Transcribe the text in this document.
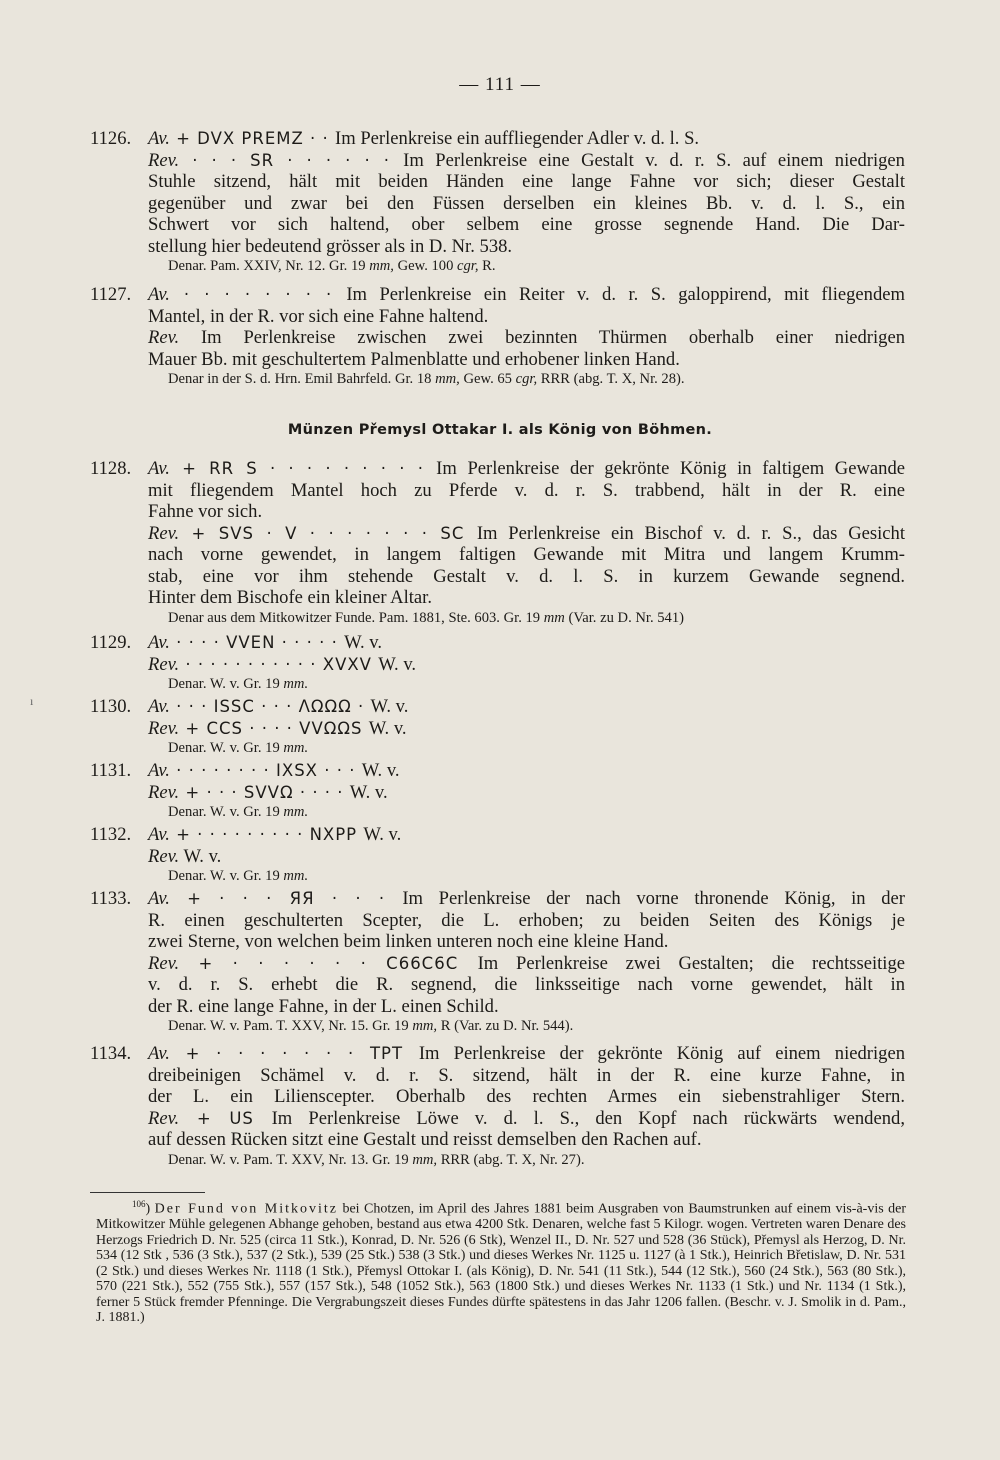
— 111 —
1126. Av. + DVX PREMZ · · Im Perlenkreise ein auffliegender Adler v. d. l. S.
Rev. · · · SR · · · · · · Im Perlenkreise eine Gestalt v. d. r. S. auf einem niedrigen
Stuhle sitzend, hält mit beiden Händen eine lange Fahne vor sich; dieser Gestalt
gegenüber und zwar bei den Füssen derselben ein kleines Bb. v. d. l. S., ein
Schwert vor sich haltend, ober selbem eine grosse segnende Hand. Die Dar-
stellung hier bedeutend grösser als in D. Nr. 538.
Denar. Pam. XXIV, Nr. 12. Gr. 19 mm, Gew. 100 cgr, R.
1127. Av. · · · · · · · · Im Perlenkreise ein Reiter v. d. r. S. galoppirend, mit fliegendem
Mantel, in der R. vor sich eine Fahne haltend.
Rev. Im Perlenkreise zwischen zwei bezinnten Thürmen oberhalb einer niedrigen
Mauer Bb. mit geschultertem Palmenblatte und erhobener linken Hand.
Denar in der S. d. Hrn. Emil Bahrfeld. Gr. 18 mm, Gew. 65 cgr, RRR (abg. T. X, Nr. 28).
1128. Av. + RR S · · · · · · · · · Im Perlenkreise der gekrönte König in faltigem Gewande
mit fliegendem Mantel hoch zu Pferde v. d. r. S. trabbend, hält in der R. eine
Fahne vor sich.
Rev. + SVS · V · · · · · · · SC Im Perlenkreise ein Bischof v. d. r. S., das Gesicht
nach vorne gewendet, in langem faltigen Gewande mit Mitra und langem Krumm-
stab, eine vor ihm stehende Gestalt v. d. l. S. in kurzem Gewande segnend.
Hinter dem Bischofe ein kleiner Altar.
Denar aus dem Mitkowitzer Funde. Pam. 1881, Ste. 603. Gr. 19 mm (Var. zu D. Nr. 541)
1129. Av. · · · · VVEN · · · · · W. v.
Rev. · · · · · · · · · · · XVXV W. v.
Denar. W. v. Gr. 19 mm.
1130. Av. · · · ISSC · · · ΛΩΩΩ · W. v.
Rev. + CCS · · · · VVΩΩS W. v.
Denar. W. v. Gr. 19 mm.
1131. Av. · · · · · · · · IXSX · · · W. v.
Rev. + · · · SVVΩ · · · · W. v.
Denar. W. v. Gr. 19 mm.
1132. Av. + · · · · · · · · · NXPP W. v.
Rev. W. v.
Denar. W. v. Gr. 19 mm.
1133. Av. + · · · ЯЯ · · · Im Perlenkreise der nach vorne thronende König, in der
R. einen geschulterten Scepter, die L. erhoben; zu beiden Seiten des Königs je
zwei Sterne, von welchen beim linken unteren noch eine kleine Hand.
Rev. + · · · · · · C66C6C Im Perlenkreise zwei Gestalten; die rechtsseitige
v. d. r. S. erhebt die R. segnend, die linksseitige nach vorne gewendet, hält in
der R. eine lange Fahne, in der L. einen Schild.
Denar. W. v. Pam. T. XXV, Nr. 15. Gr. 19 mm, R (Var. zu D. Nr. 544).
1134. Av. + · · · · · · · TPT Im Perlenkreise der gekrönte König auf einem niedrigen
dreibeinigen Schämel v. d. r. S. sitzend, hält in der R. eine kurze Fahne, in
der L. ein Liliensceptеr. Oberhalb des rechten Armes ein siebenstrahliger Stern.
Rev. + US Im Perlenkreise Löwe v. d. l. S., den Kopf nach rückwärts wendend,
auf dessen Rücken sitzt eine Gestalt und reisst demselben den Rachen auf.
Denar. W. v. Pam. T. XXV, Nr. 13. Gr. 19 mm, RRR (abg. T. X, Nr. 27).
Münzen Přemysl Ottakar I. als König von Böhmen.

$^{106}$) Der Fund von Mitkovitz bei Chotzen, im April des Jahres 1881 beim Ausgraben von Baumstrunken auf einem vis-à-vis der Mitkowitzer Mühle gelegenen Abhange gehoben, bestand aus etwa 4200 Stk. Denaren, welche fast 5 Kilogr. wogen. Vertreten waren Denare des Herzogs Friedrich D. Nr. 525 (circa 11 Stk.), Konrad, D. Nr. 526 (6 Stk), Wenzel II., D. Nr. 527 und 528 (36 Stück), Přemysl als Herzog, D. Nr. 534 (12 Stk , 536 (3 Stk.), 537 (2 Stk.), 539 (25 Stk.) 538 (3 Stk.) und dieses Werkes Nr. 1125 u. 1127 (à 1 Stk.), Heinrich Břetislaw, D. Nr. 531 (2 Stk.) und dieses Werkes Nr. 1118 (1 Stk.), Přemysl Ottokar I. (als König), D. Nr. 541 (11 Stk.), 544 (12 Stk.), 560 (24 Stk.), 563 (80 Stk.), 570 (221 Stk.), 552 (755 Stk.), 557 (157 Stk.), 548 (1052 Stk.), 563 (1800 Stk.) und dieses Werkes Nr. 1133 (1 Stk.) und Nr. 1134 (1 Stk.), ferner 5 Stück fremder Pfenninge. Die Vergrabungszeit dieses Fundes dürfte spätestens in das Jahr 1206 fallen. (Beschr. v. J. Smolik in d. Pam., J. 1881.)

ı
